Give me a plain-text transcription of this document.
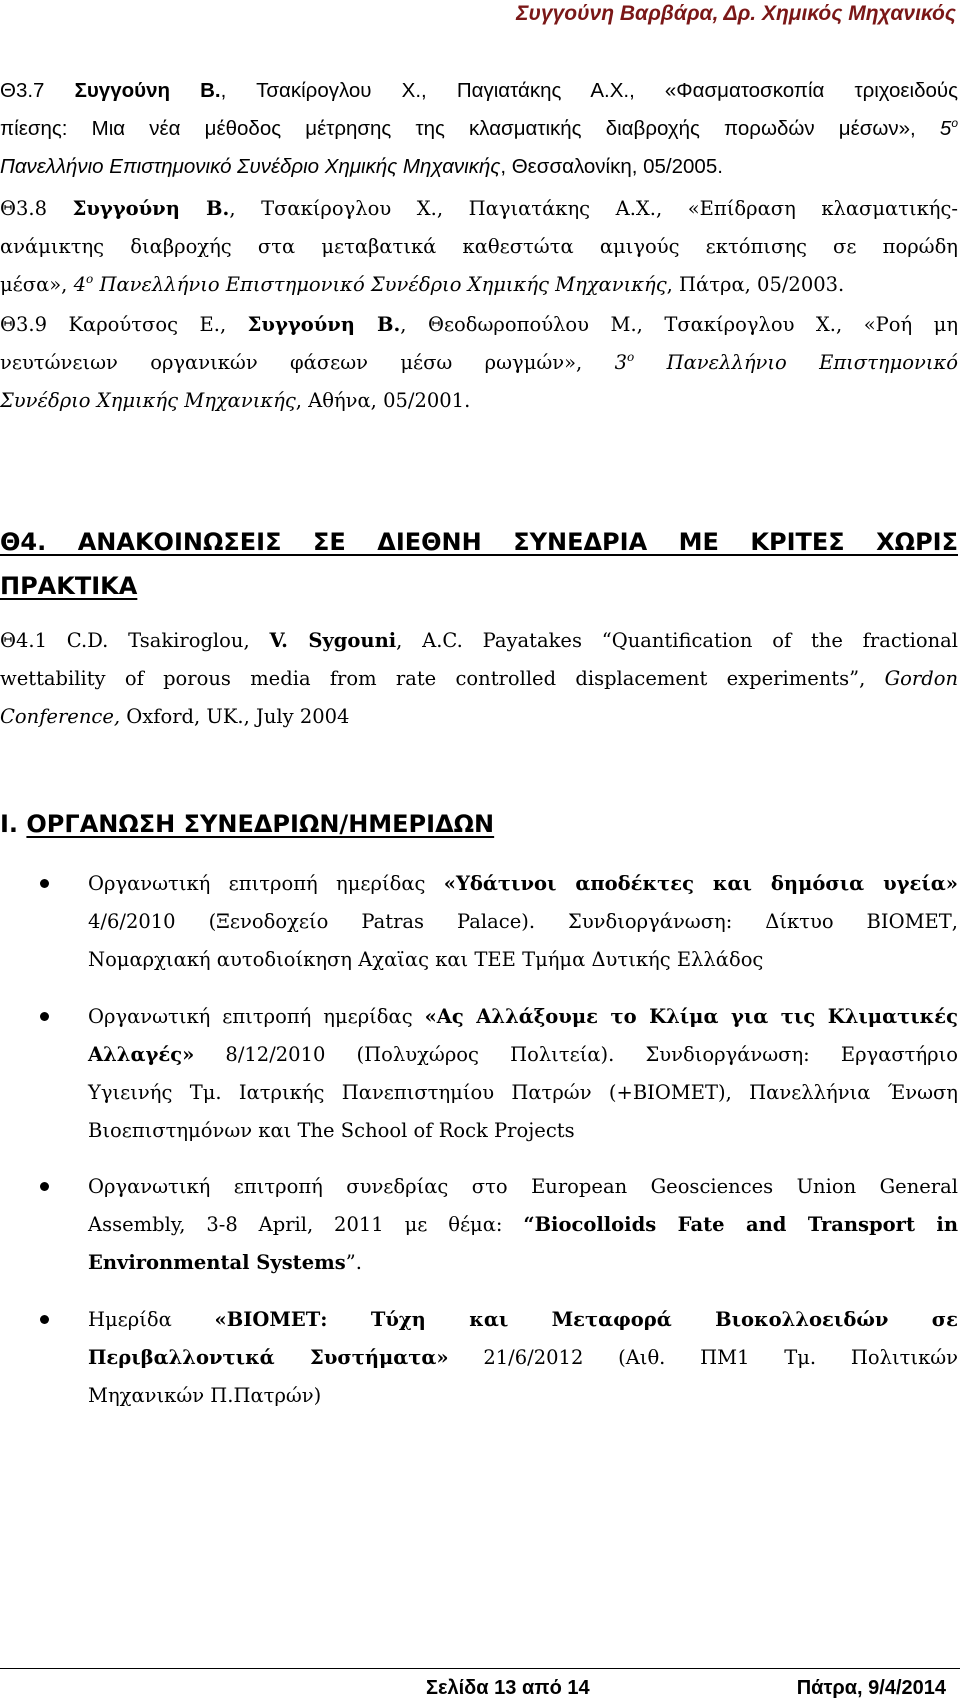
Συγγούνη Βαρβάρα, Δρ. Χημικός Μηχανικός
Θ3.7 Συγγούνη Β., Τσακίρογλου Χ., Παγιατάκης Α.Χ., «Φασματοσκοπία τριχοειδούς
πίεσης: Μια νέα μέθοδος μέτρησης της κλασματικής διαβροχής πορωδών μέσων», $5^o$
Πανελλήνιο Επιστημονικό Συνέδριο Χημικής Μηχανικής, Θεσσαλονίκη, 05/2005.
Θ3.8 Συγγούνη Β., Τσακίρογλου Χ., Παγιατάκης Α.Χ., «Επίδραση κλασματικής-
ανάμικτης διαβροχής στα μεταβατικά καθεστώτα αμιγούς εκτόπισης σε πορώδη
μέσα», $4^o$ Πανελλήνιο Επιστημονικό Συνέδριο Χημικής Μηχανικής, Πάτρα, 05/2003.
Θ3.9 Καρούτσος Ε., Συγγούνη Β., Θεοδωροπούλου Μ., Τσακίρογλου Χ., «Ροή μη
νευτώνειων οργανικών φάσεων μέσω ρωγμών», $3^o$ Πανελλήνιο Επιστημονικό
Συνέδριο Χημικής Μηχανικής, Αθήνα, 05/2001.
Θ4. ΑΝΑΚΟΙΝΩΣΕΙΣ ΣΕ ΔΙΕΘΝΗ ΣΥΝΕΔΡΙΑ ΜΕ ΚΡΙΤΕΣ ΧΩΡΙΣ
ΠΡΑΚΤΙΚΑ
Θ4.1 C.D. Tsakiroglou, V. Sygouni, A.C. Payatakes “Quantification of the fractional
wettability of porous media from rate controlled displacement experiments”, Gordon
Conference, Oxford, UK., July 2004
Ι. ΟΡΓΑΝΩΣΗ ΣΥΝΕΔΡΙΩΝ/ΗΜΕΡΙΔΩΝ
Οργανωτική επιτροπή ημερίδας «Υδάτινοι αποδέκτες και δημόσια υγεία»
4/6/2010 (Ξενοδοχείο Patras Palace). Συνδιοργάνωση: Δίκτυο ΒΙΟΜΕΤ,
Νομαρχιακή αυτοδιοίκηση Αχαϊας και ΤΕΕ Τμήμα Δυτικής Ελλάδος
Οργανωτική επιτροπή ημερίδας «Ας Αλλάξουμε το Κλίμα για τις Κλιματικές
Αλλαγές» 8/12/2010 (Πολυχώρος Πολιτεία). Συνδιοργάνωση: Εργαστήριο
Υγιεινής Τμ. Ιατρικής Πανεπιστημίου Πατρών (+ΒΙΟΜΕΤ), Πανελλήνια Ένωση
Βιοεπιστημόνων και The School of Rock Projects
Οργανωτική επιτροπή συνεδρίας στο European Geosciences Union General
Assembly, 3-8 April, 2011 με θέμα: “Biocolloids Fate and Transport in
Environmental Systems”.
Ημερίδα «ΒΙΟΜΕΤ: Τύχη και Μεταφορά Βιοκολλοειδών σε
Περιβαλλοντικά Συστήματα» 21/6/2012 (Αιθ. ΠΜ1 Τμ. Πολιτικών
Μηχανικών Π.Πατρών)
Σελίδα 13 από 14	Πάτρα, 9/4/2014
